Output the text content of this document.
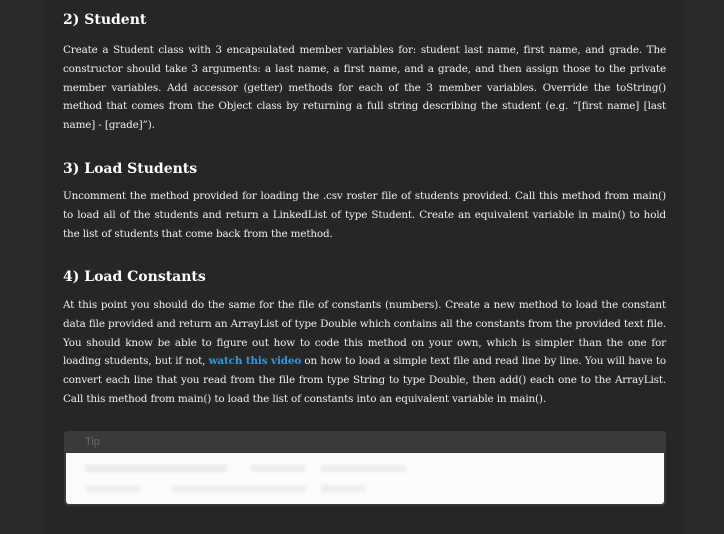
2) Student

Create a Student class with 3 encapsulated member variables for: student last name, first name, and grade. The constructor should take 3 arguments: a last name, a first name, and a grade, and then assign those to the private member variables. Add accessor (getter) methods for each of the 3 member variables. Override the toString() method that comes from the Object class by returning a full string describing the student (e.g. “[first name] [last name] - [grade]”).

3) Load Students

Uncomment the method provided for loading the .csv roster file of students provided. Call this method from main() to load all of the students and return a LinkedList of type Student. Create an equivalent variable in main() to hold the list of students that come back from the method.

4) Load Constants

At this point you should do the same for the file of constants (numbers). Create a new method to load the constant data file provided and return an ArrayList of type Double which contains all the constants from the provided text file. You should know be able to figure out how to code this method on your own, which is simpler than the one for loading students, but if not, watch this video on how to load a simple text file and read line by line. You will have to convert each line that you read from the file from type String to type Double, then add() each one to the ArrayList. Call this method from main() to load the list of constants into an equivalent variable in main().

Tip
